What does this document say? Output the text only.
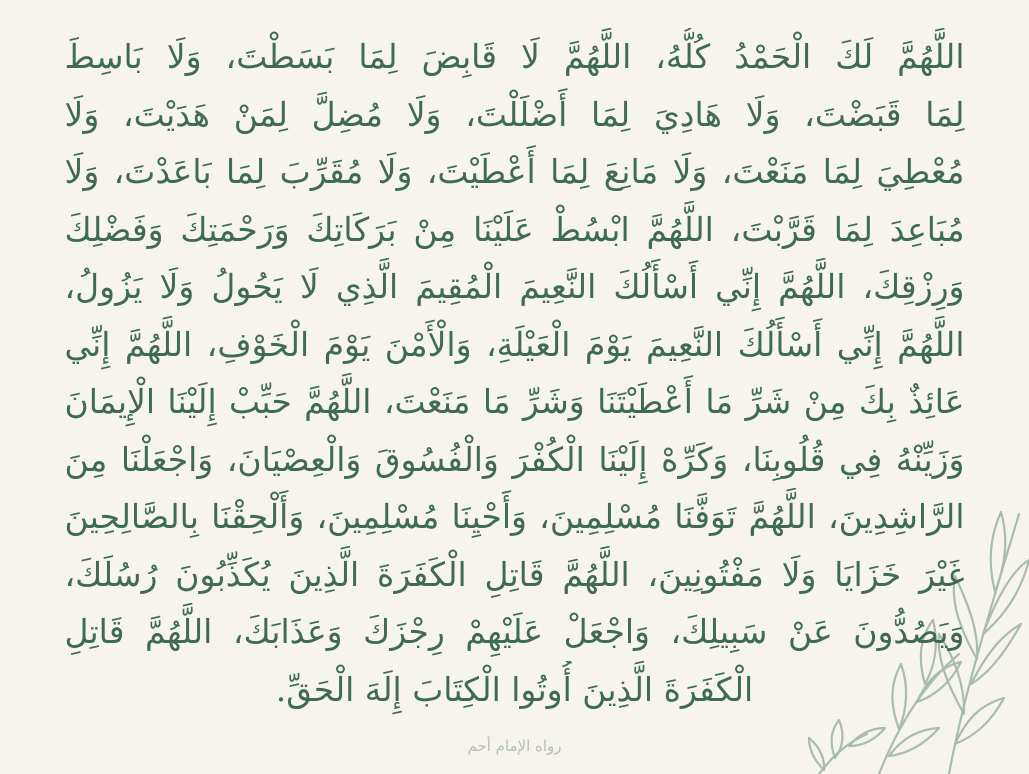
اللَّهُمَّ لَكَ الْحَمْدُ كُلُّهُ، اللَّهُمَّ لَا قَابِضَ لِمَا بَسَطْتَ، وَلَا بَاسِطَ
لِمَا قَبَضْتَ، وَلَا هَادِيَ لِمَا أَضْلَلْتَ، وَلَا مُضِلَّ لِمَنْ هَدَيْتَ، وَلَا
مُعْطِيَ لِمَا مَنَعْتَ، وَلَا مَانِعَ لِمَا أَعْطَيْتَ، وَلَا مُقَرِّبَ لِمَا بَاعَدْتَ، وَلَا
مُبَاعِدَ لِمَا قَرَّبْتَ، اللَّهُمَّ ابْسُطْ عَلَيْنَا مِنْ بَرَكَاتِكَ وَرَحْمَتِكَ وَفَضْلِكَ
وَرِزْقِكَ، اللَّهُمَّ إِنِّي أَسْأَلُكَ النَّعِيمَ الْمُقِيمَ الَّذِي لَا يَحُولُ وَلَا يَزُولُ،
اللَّهُمَّ إِنِّي أَسْأَلُكَ النَّعِيمَ يَوْمَ الْعَيْلَةِ، وَالْأَمْنَ يَوْمَ الْخَوْفِ، اللَّهُمَّ إِنِّي
عَائِذٌ بِكَ مِنْ شَرِّ مَا أَعْطَيْتَنَا وَشَرِّ مَا مَنَعْتَ، اللَّهُمَّ حَبِّبْ إِلَيْنَا الْإِيمَانَ
وَزَيِّنْهُ فِي قُلُوبِنَا، وَكَرِّهْ إِلَيْنَا الْكُفْرَ وَالْفُسُوقَ وَالْعِصْيَانَ، وَاجْعَلْنَا مِنَ
الرَّاشِدِينَ، اللَّهُمَّ تَوَفَّنَا مُسْلِمِينَ، وَأَحْيِنَا مُسْلِمِينَ، وَأَلْحِقْنَا بِالصَّالِحِينَ
غَيْرَ خَزَايَا وَلَا مَفْتُونِينَ، اللَّهُمَّ قَاتِلِ الْكَفَرَةَ الَّذِينَ يُكَذِّبُونَ رُسُلَكَ،
وَيَصُدُّونَ عَنْ سَبِيلِكَ، وَاجْعَلْ عَلَيْهِمْ رِجْزَكَ وَعَذَابَكَ، اللَّهُمَّ قَاتِلِ
الْكَفَرَةَ الَّذِينَ أُوتُوا الْكِتَابَ إِلَهَ الْحَقِّ.
رواه الإمام أحم
